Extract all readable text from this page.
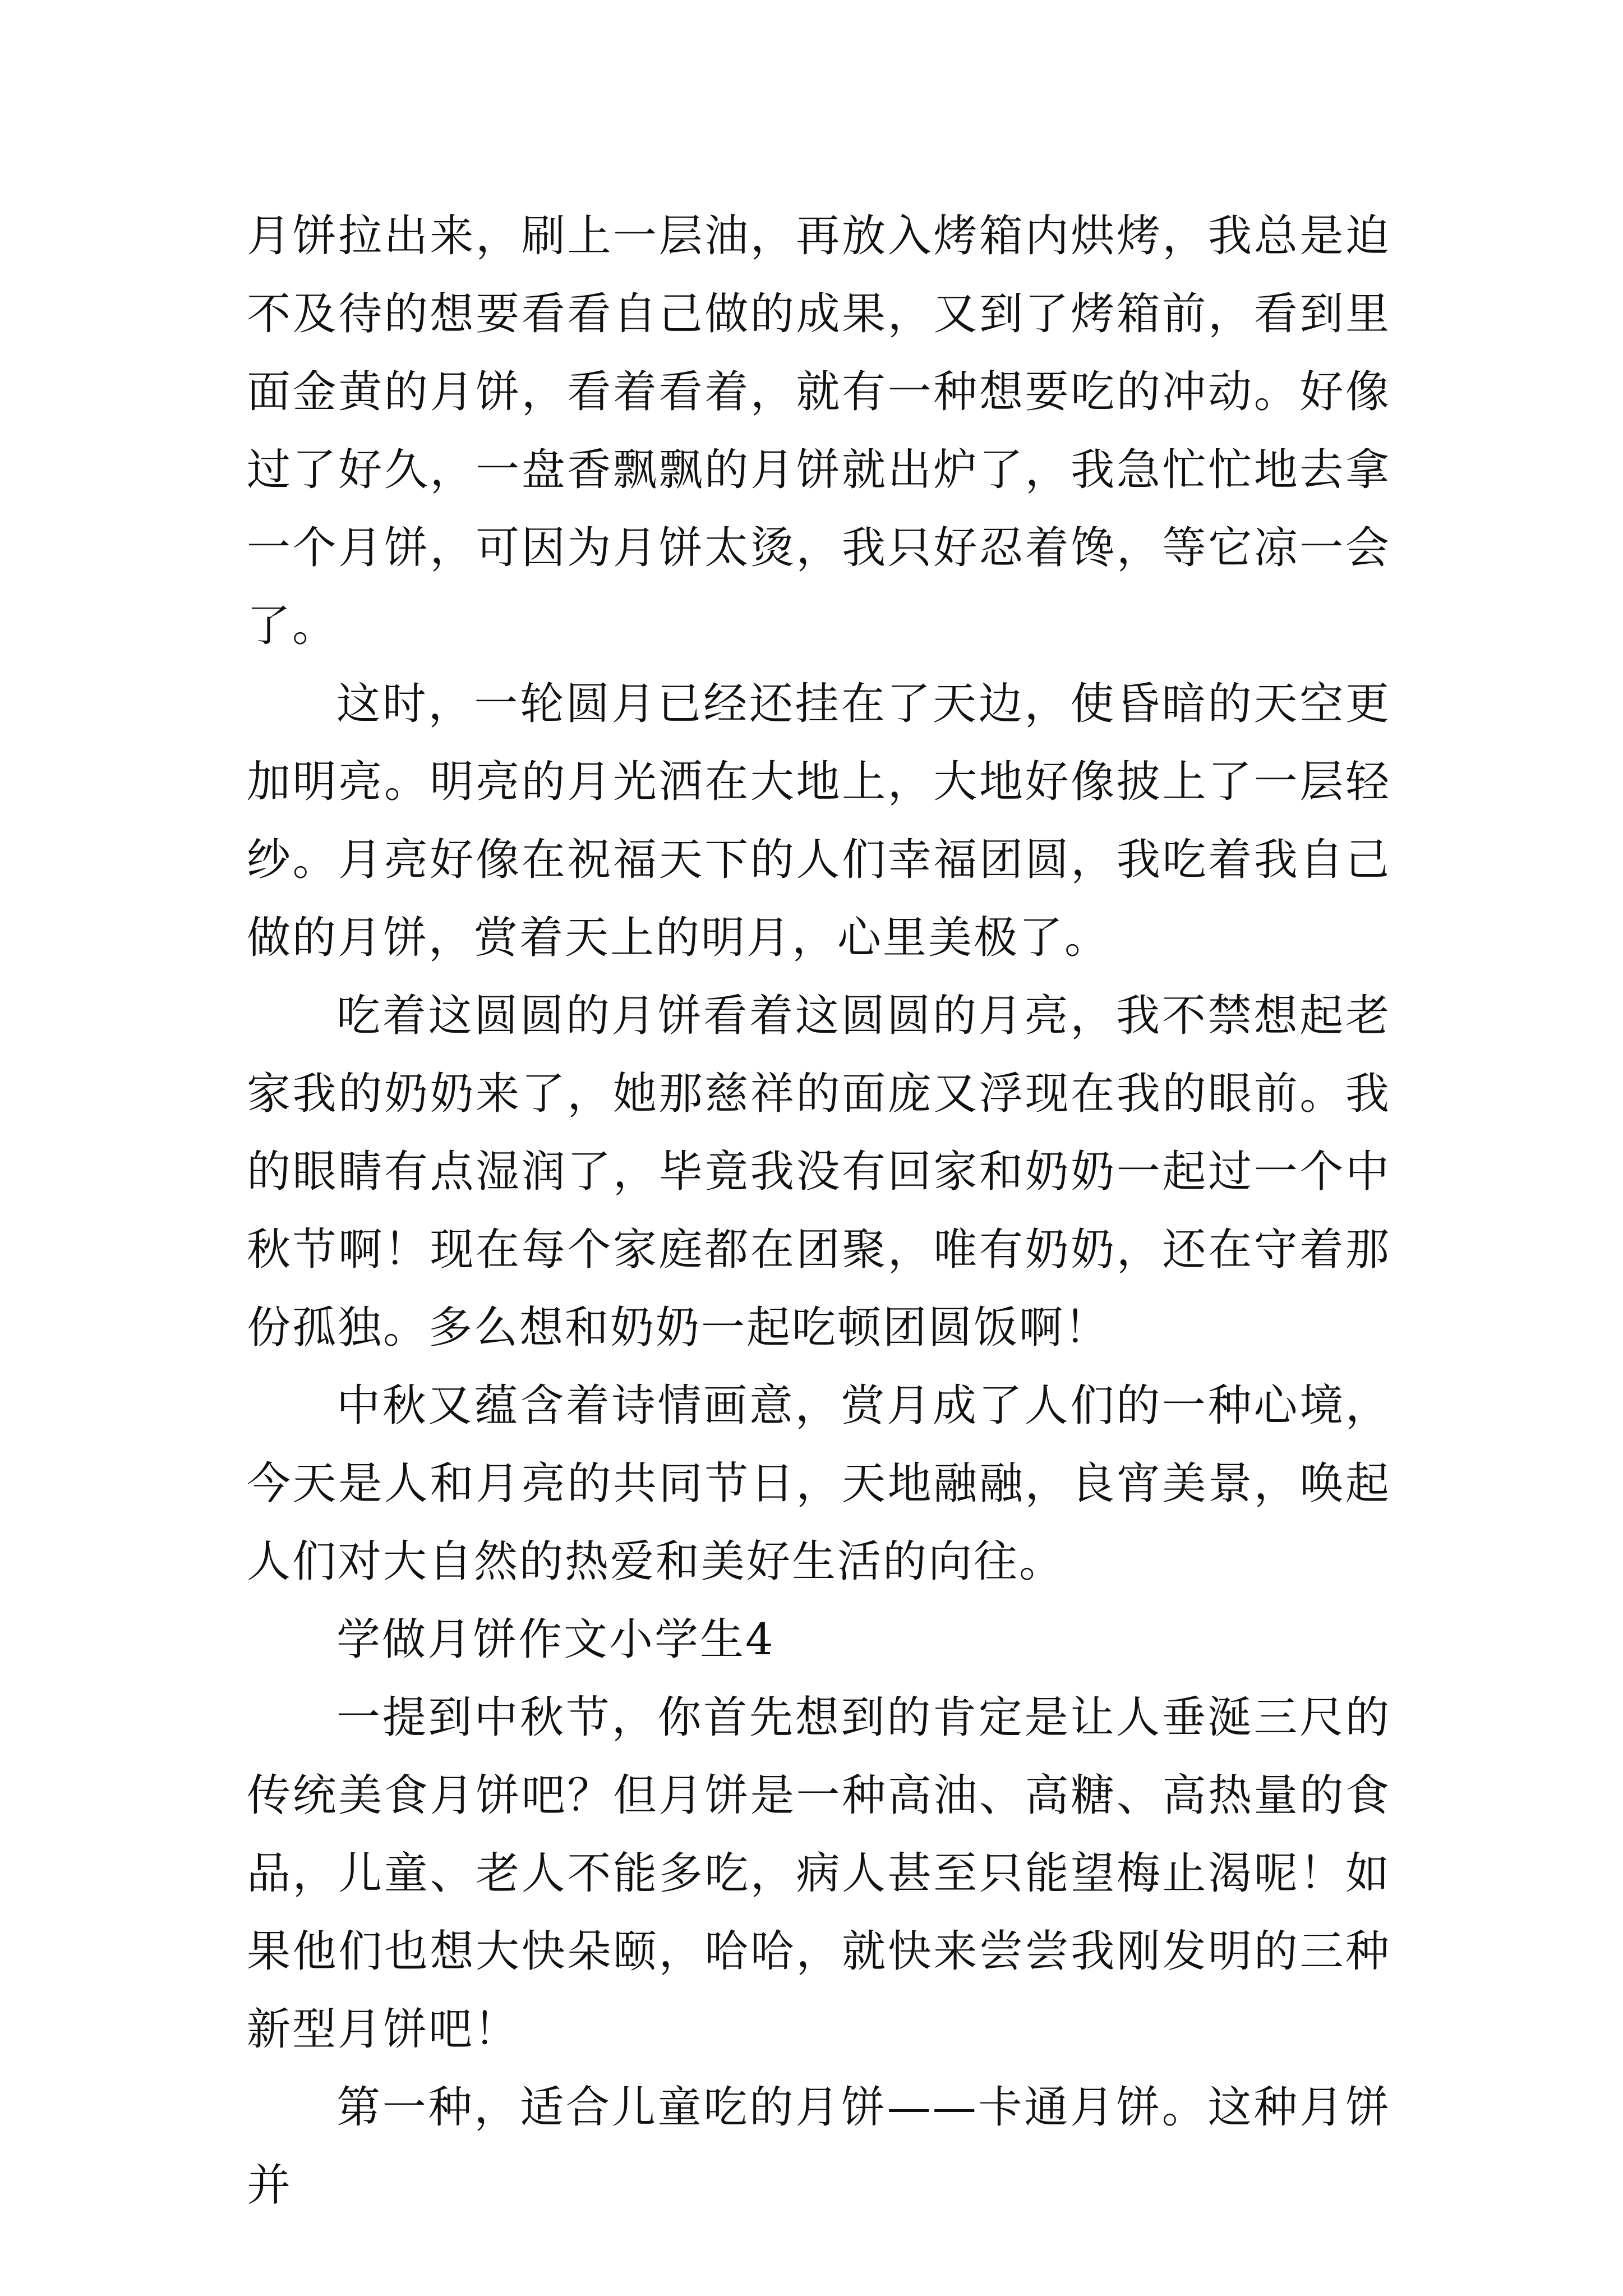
月饼拉出来，刷上一层油，再放入烤箱内烘烤，我总是迫不及待的想要看看自己做的成果，又到了烤箱前，看到里面金黄的月饼，看着看着，就有一种想要吃的冲动。好像过了好久，一盘香飘飘的月饼就出炉了，我急忙忙地去拿一个月饼，可因为月饼太烫，我只好忍着馋，等它凉一会了。

这时，一轮圆月已经还挂在了天边，使昏暗的天空更加明亮。明亮的月光洒在大地上，大地好像披上了一层轻纱。月亮好像在祝福天下的人们幸福团圆，我吃着我自己做的月饼，赏着天上的明月，心里美极了。

吃着这圆圆的月饼看着这圆圆的月亮，我不禁想起老家我的奶奶来了，她那慈祥的面庞又浮现在我的眼前。我的眼睛有点湿润了，毕竟我没有回家和奶奶一起过一个中秋节啊！现在每个家庭都在团聚，唯有奶奶，还在守着那份孤独。多么想和奶奶一起吃顿团圆饭啊！

中秋又蕴含着诗情画意，赏月成了人们的一种心境，今天是人和月亮的共同节日，天地融融，良宵美景，唤起人们对大自然的热爱和美好生活的向往。

学做月饼作文小学生4

一提到中秋节，你首先想到的肯定是让人垂涎三尺的传统美食月饼吧？但月饼是一种高油、高糖、高热量的食品，儿童、老人不能多吃，病人甚至只能望梅止渴呢！如果他们也想大快朵颐，哈哈，就快来尝尝我刚发明的三种新型月饼吧！

第一种，适合儿童吃的月饼——卡通月饼。这种月饼并
